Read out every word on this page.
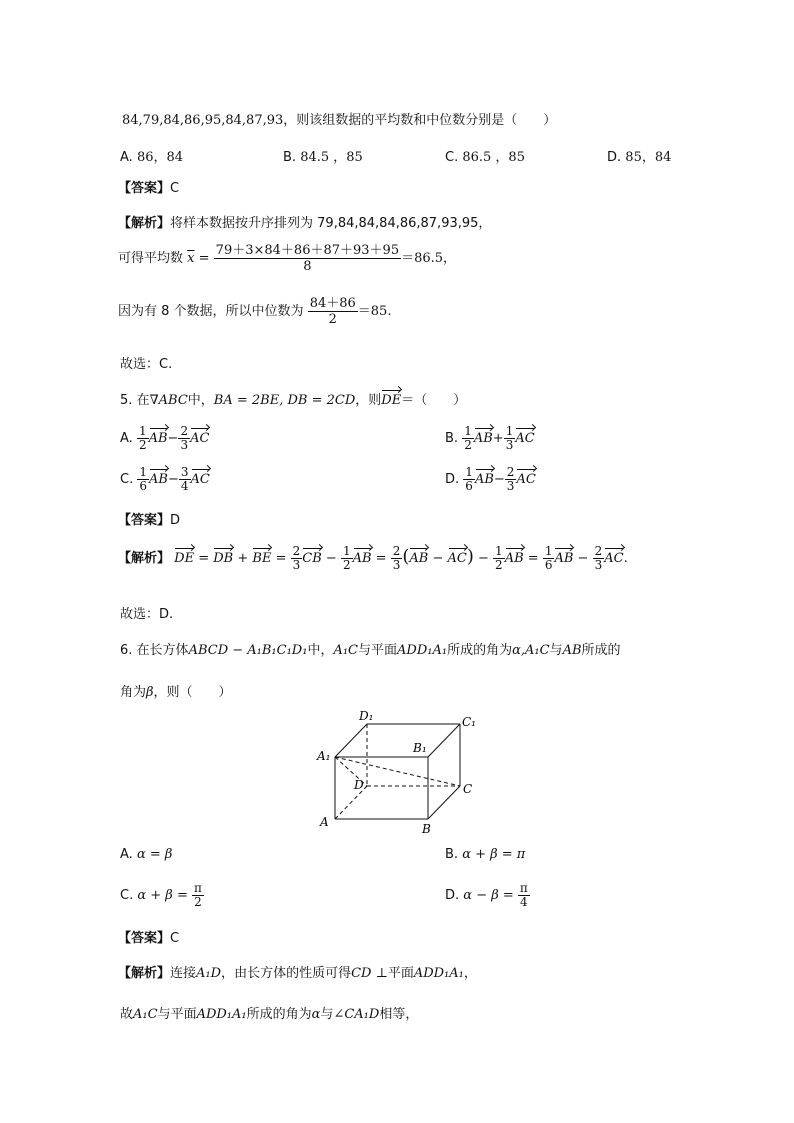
84,79,84,86,95,84,87,93，则该组数据的平均数和中位数分别是（　　）
A. 86，84	B. 84.5 ，85	C. 86.5 ，85	D. 85，84
【答案】C
【解析】将样本数据按升序排列为 79,84,84,84,86,87,93,95，
可得平均数 $\overline{x} = \frac{79+3\times 84+86+87+93+95}{8} =86.5$，
因为有 8 个数据，所以中位数为 $\frac{84+86}{2} =85$.
故选：C.
5. 在∇ABC中，BA = 2BE, DB = 2CD，则DE＝（　　）
A. $\frac{1}{2} AB- \frac{2}{3}$ AC	B. $\frac{1}{2} AB+ \frac{1}{3}$ AC
C. $\frac{1}{6} AB- \frac{3}{4}$ AC	D. $\frac{1}{6} AB- \frac{2}{3}$ AC
【答案】D
【解析】 DE = DB + BE = $\frac{2}{3}$ CB − $\frac{1}{2}$ AB = $\frac{2}{3} (AB - AC) - \frac{1}{2}$ AB = $\frac{1}{6}$ AB − $\frac{2}{3}$ AC.
故选：D.
6. 在长方体ABCD − A₁B₁C₁D₁中，A₁C与平面ADD₁A₁所成的角为α,A₁C与AB所成的
角为β，则（　　）
D₁	C₁
A₁
B₁
D	C
A	B
A. α = β	B. α + β = π
C. $\alpha + \beta = \frac{\pi}{2}$	D. $\alpha - \beta = \frac{\pi}{4}$
【答案】C
【解析】连接A₁D，由长方体的性质可得CD ⊥平面ADD₁A₁，
故A₁C与平面ADD₁A₁所成的角为α与∠CA₁D相等，
